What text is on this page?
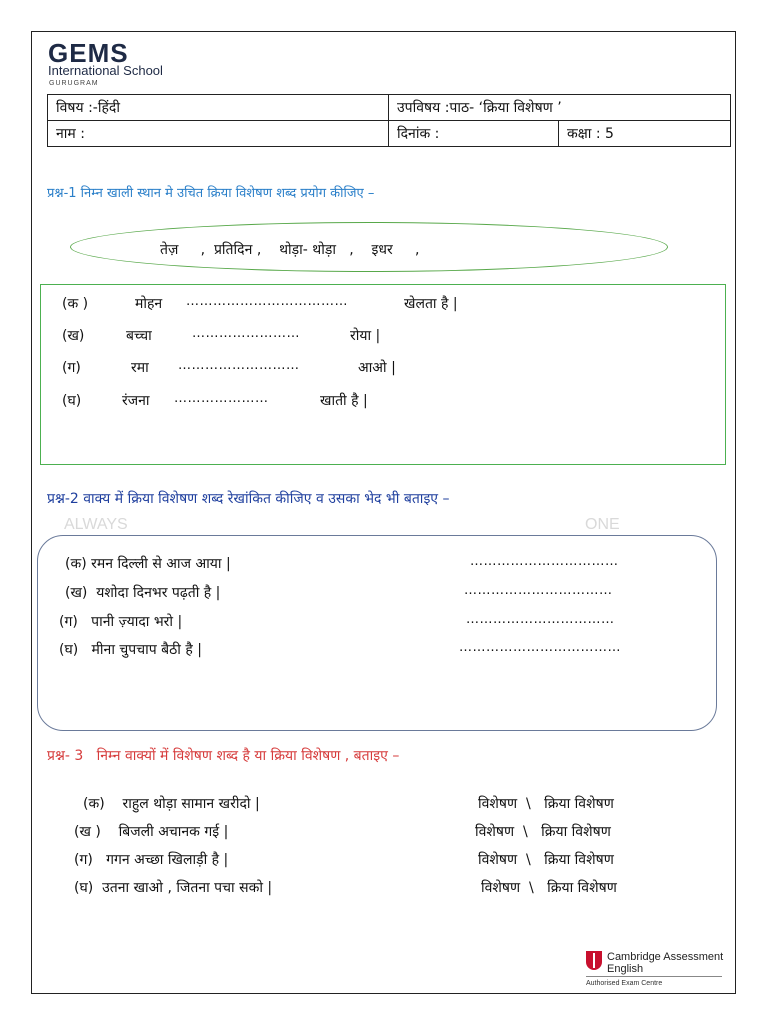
ALWAYS	ONE
GEMS
International School
GURUGRAM
विषय :-हिंदी	उपविषय :पाठ- ‘क्रिया विशेषण ’	
नाम :	दिनांक :	कक्षा : 5
प्रश्न-1 निम्न खाली स्थान मे उचित क्रिया विशेषण शब्द प्रयोग कीजिए –
तेज़     ,  प्रतिदिन ,    थोड़ा- थोड़ा   ,    इधर     ,
(क )	मोहन ………………………………	खेलता है |
(ख)	बच्चा	……………………	रोया |
(ग)	रमा ………………………	आओ |
(घ)	रंजना …………………	खाती है |
प्रश्न-2 वाक्य में क्रिया विशेषण शब्द रेखांकित कीजिए व उसका भेद भी बताइए –
(क) रमन दिल्ली से आज आया |	……………………………
(ख)  यशोदा दिनभर पढ़ती है |	……………………………
(ग)   पानी ज़्यादा भरो |	……………………………
(घ)   मीना चुपचाप बैठी है |	………………………………
प्रश्न- 3   निम्न वाक्यों में विशेषण शब्द है या क्रिया विशेषण , बताइए –
(क)    राहुल थोड़ा सामान खरीदो |	विशेषण  \   क्रिया विशेषण
(ख )    बिजली अचानक गई |	विशेषण  \   क्रिया विशेषण
(ग)   गगन अच्छा खिलाड़ी है |	विशेषण  \   क्रिया विशेषण
(घ)  उतना खाओ , जितना पचा सको |	विशेषण  \   क्रिया विशेषण
Cambridge Assessment
English
Authorised Exam Centre
